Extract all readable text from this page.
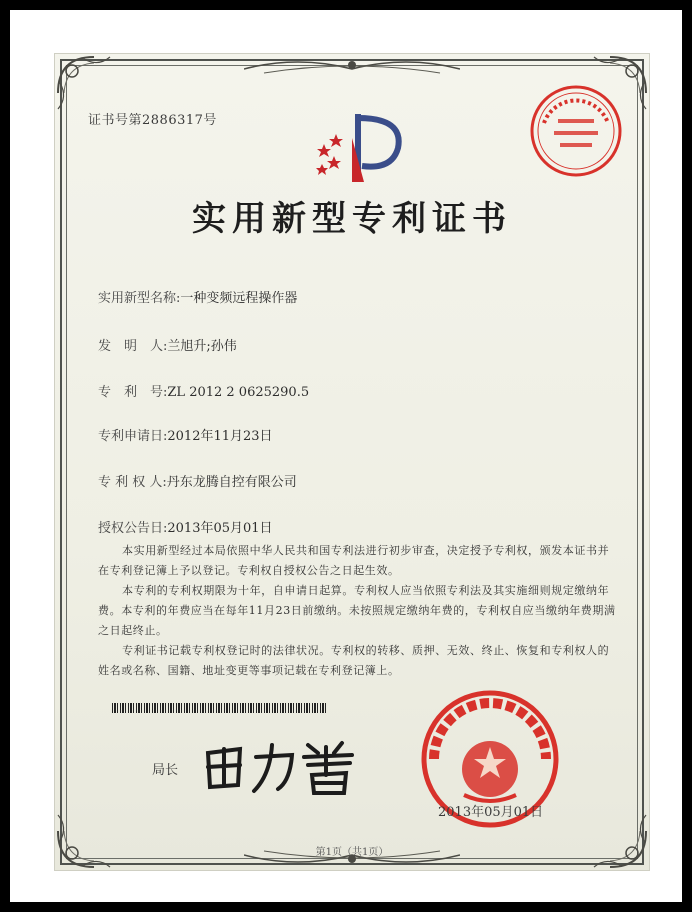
证书号第2886317号
实用新型专利证书
实用新型名称:一种变频远程操作器
发　明　人:兰旭升;孙伟
专　利　号:ZL 2012 2 0625290.5
专利申请日:2012年11月23日
专 利 权 人:丹东龙腾自控有限公司
授权公告日:2013年05月01日
本实用新型经过本局依照中华人民共和国专利法进行初步审查，决定授予专利权，颁发本证书并在专利登记簿上予以登记。专利权自授权公告之日起生效。
本专利的专利权期限为十年，自申请日起算。专利权人应当依照专利法及其实施细则规定缴纳年费。本专利的年费应当在每年11月23日前缴纳。未按照规定缴纳年费的，专利权自应当缴纳年费期满之日起终止。
专利证书记载专利权登记时的法律状况。专利权的转移、质押、无效、终止、恢复和专利权人的姓名或名称、国籍、地址变更等事项记载在专利登记簿上。
局长
2013年05月01日
第1页（共1页）
